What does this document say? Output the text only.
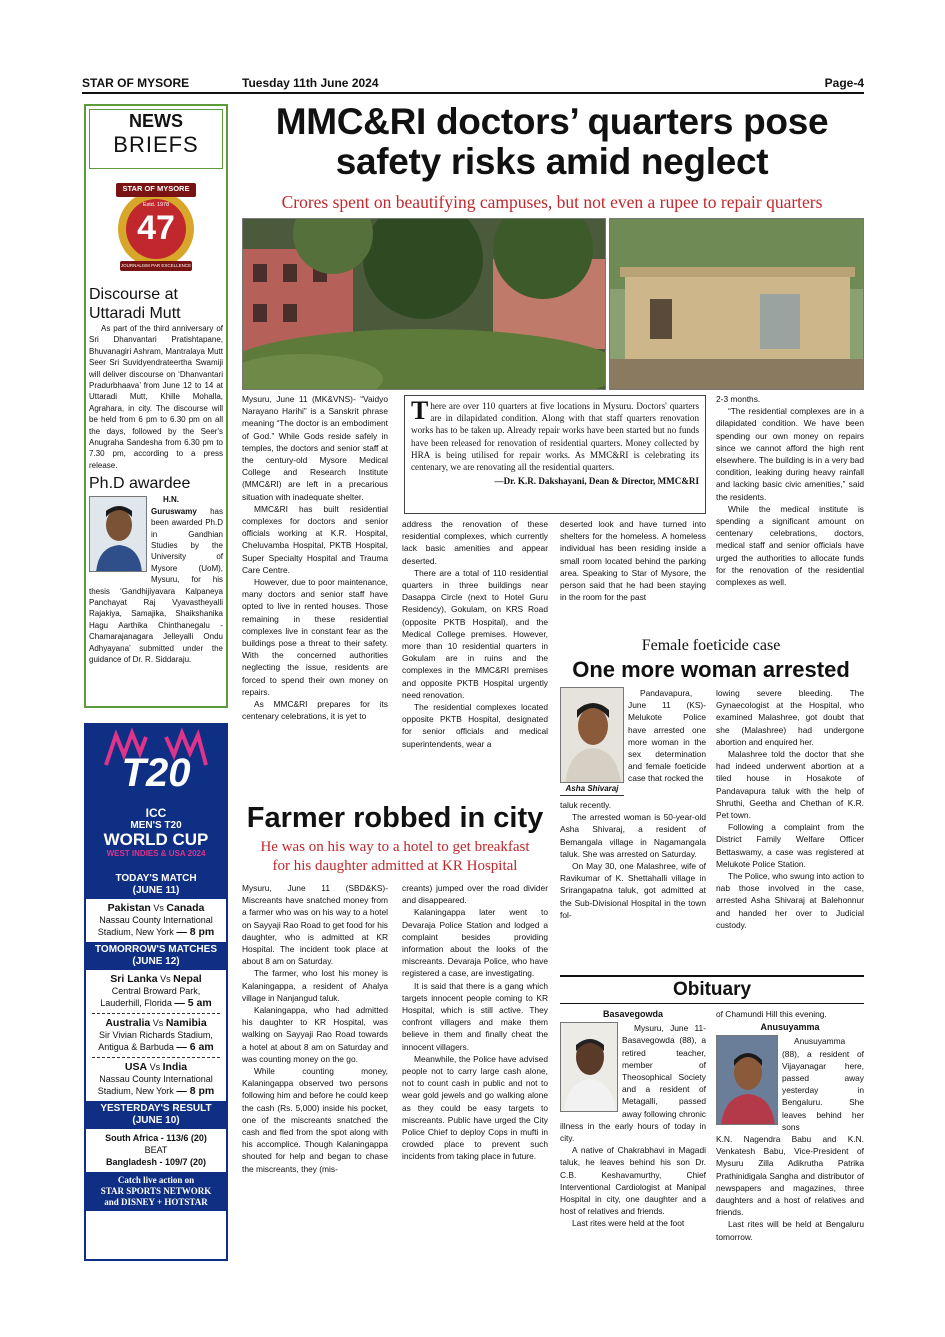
STAR OF MYSORE	Tuesday 11th June 2024	Page-4
MMC&RI doctors’ quarters pose
safety risks amid neglect
Crores spent on beautifying campuses, but not even a rupee to repair quarters
T here are over 110 quarters at five locations in Mysuru. Doctors' quarters are in dilapidated condition. Along with that staff quarters renovation works has to be taken up. Already repair works have been started but no funds have been released for renovation of residential quarters. Money collected by HRA is being utilised for repair works. As MMC&RI is celebrating its centenary, we are renovating all the residential quarters.
—Dr. K.R. Dakshayani, Dean & Director, MMC&RI

Mysuru, June 11 (MK&VNS)- “Vaidyo Narayano Harihi” is a Sanskrit phrase meaning “The doctor is an embodiment of God.” While Gods reside safely in temples, the doctors and senior staff at the century-old Mysore Medical College and Research Institute (MMC&RI) are left in a precarious situation with inadequate shelter.

MMC&RI has built residential complexes for doctors and senior officials working at K.R. Hospital, Cheluvamba Hospital, PKTB Hospital, Super Specialty Hospital and Trauma Care Centre.

However, due to poor maintenance, many doctors and senior staff have opted to live in rented houses. Those remaining in these residential complexes live in constant fear as the buildings pose a threat to their safety. With the concerned authorities neglecting the issue, residents are forced to spend their own money on repairs.

As MMC&RI prepares for its centenary celebrations, it is yet to

address the renovation of these residential complexes, which currently lack basic amenities and appear deserted.

There are a total of 110 residential quarters in three buildings near Dasappa Circle (next to Hotel Guru Residency), Gokulam, on KRS Road (opposite PKTB Hospital), and the Medical College premises. However, more than 10 residential quarters in Gokulam are in ruins and the complexes in the MMC&RI premises and opposite PKTB Hospital urgently need renovation.

The residential complexes located opposite PKTB Hospital, designated for senior officials and medical superintendents, wear a

deserted look and have turned into shelters for the homeless. A homeless individual has been residing inside a small room located behind the parking area. Speaking to Star of Mysore, the person said that he had been staying in the room for the past

2-3 months.

“The residential complexes are in a dilapidated condition. We have been spending our own money on repairs since we cannot afford the high rent elsewhere. The building is in a very bad condition, leaking during heavy rainfall and lacking basic civic amenities,” said the residents.

While the medical institute is spending a significant amount on centenary celebrations, doctors, medical staff and senior officials have urged the authorities to allocate funds for the renovation of the residential complexes as well.

NEWS
BRIEFS
STAR OF MYSORE
Estd. 1978
47
JOURNALISM PAR EXCELLENCE
Discourse at
Uttaradi Mutt

As part of the third anniversary of Sri Dhanvantari Pratishtapane, Bhuvanagiri Ashram, Mantralaya Mutt Seer Sri Suvidyendrateertha Swamiji will deliver discourse on ‘Dhanvantari Pradurbhaava’ from June 12 to 14 at Uttaradi Mutt, Khille Mohalla, Agrahara, in city. The discourse will be held from 6 pm to 6.30 pm on all the days, followed by the Seer's Anugraha Sandesha from 6.30 pm to 7.30 pm, according to a press release.

Ph.D awardee

H.N. Guruswamy has been awarded Ph.D in Gandhian Studies by the University of Mysore (UoM), Mysuru, for his thesis ‘Gandhijiyavara Kalpaneya Panchayat Raj Vyavastheyalli Rajakiya, Samajika, Shaikshanika Hagu Aarthika Chinthanegalu - Chamarajanagara Jelleyalli Ondu Adhyayana’ submitted under the guidance of Dr. R. Siddaraju.

T20
ICC
MEN'S T20
WORLD CUP
WEST INDIES & USA 2024
TODAY'S MATCH
(JUNE 11)
Pakistan Vs Canada
Nassau County International Stadium, New York — 8 pm
TOMORROW'S MATCHES
(JUNE 12)
Sri Lanka Vs Nepal
Central Broward Park, Lauderhill, Florida — 5 am
Australia Vs Namibia
Sir Vivian Richards Stadium, Antigua & Barbuda — 6 am
USA Vs India
Nassau County International Stadium, New York — 8 pm
YESTERDAY'S RESULT
(JUNE 10)
South Africa - 113/6 (20)
BEAT
Bangladesh - 109/7 (20)
Catch live action on
STAR SPORTS NETWORK
and DISNEY + HOTSTAR
Female foeticide case
One more woman arrested
Asha Shivaraj

Pandavapura, June 11 (KS)- Melukote Police have arrested one more woman in the sex determination and female foeticide case that rocked the

taluk recently.

The arrested woman is 50-year-old Asha Shivaraj, a resident of Bemangala village in Nagamangala taluk. She was arrested on Saturday.

On May 30, one Malashree, wife of Ravikumar of K. Shettahalli village in Srirangapatna taluk, got admitted at the Sub-Divisional Hospital in the town fol-

lowing severe bleeding. The Gynaecologist at the Hospital, who examined Malashree, got doubt that she (Malashree) had undergone abortion and enquired her.

Malashree told the doctor that she had indeed underwent abortion at a tiled house in Hosakote of Pandavapura taluk with the help of Shruthi, Geetha and Chethan of K.R. Pet town.

Following a complaint from the District Family Welfare Officer Bettaswamy, a case was registered at Melukote Police Station.

The Police, who swung into action to nab those involved in the case, arrested Asha Shivaraj at Balehonnur and handed her over to Judicial custody.

Farmer robbed in city
He was on his way to a hotel to get breakfast
for his daughter admitted at KR Hospital

Mysuru, June 11 (SBD&KS)- Miscreants have snatched money from a farmer who was on his way to a hotel on Sayyaji Rao Road to get food for his daughter, who is admitted at KR Hospital. The incident took place at about 8 am on Saturday.

The farmer, who lost his money is Kalaningappa, a resident of Ahalya village in Nanjangud taluk.

Kalaningappa, who had admitted his daughter to KR Hospital, was walking on Sayyaji Rao Road towards a hotel at about 8 am on Saturday and was counting money on the go.

While counting money, Kalaningappa observed two persons following him and before he could keep the cash (Rs. 5,000) inside his pocket, one of the miscreants snatched the cash and fled from the spot along with his accomplice. Though Kalaningappa shouted for help and began to chase the miscreants, they (mis-

creants) jumped over the road divider and disappeared.

Kalaningappa later went to Devaraja Police Station and lodged a complaint besides providing information about the looks of the miscreants. Devaraja Police, who have registered a case, are investigating.

It is said that there is a gang which targets innocent people coming to KR Hospital, which is still active. They confront villagers and make them believe in them and finally cheat the innocent villagers.

Meanwhile, the Police have advised people not to carry large cash alone, not to count cash in public and not to wear gold jewels and go walking alone as they could be easy targets to miscreants. Public have urged the City Police Chief to deploy Cops in mufti in crowded place to prevent such incidents from taking place in future.

Obituary
Basavegowda

Mysuru, June 11- Basavegowda (88), a retired teacher, member of Theosophical Society and a resident of Metagalli, passed away following chronic illness in the early hours of today in city.

A native of Chakrabhavi in Magadi taluk, he leaves behind his son Dr. C.B. Keshavamurthy, Chief Interventional Cardiologist at Manipal Hospital in city, one daughter and a host of relatives and friends.

Last rites were held at the foot

of Chamundi Hill this evening.

Anusuyamma

Anusuyamma (88), a resident of Vijayanagar here, passed away yesterday in Bengaluru. She leaves behind her sons

K.N. Nagendra Babu and K.N. Venkatesh Babu, Vice-President of Mysuru Zilla Adikrutha Patrika Prathinidigala Sangha and distributor of newspapers and magazines, three daughters and a host of relatives and friends.

Last rites will be held at Bengaluru tomorrow.
